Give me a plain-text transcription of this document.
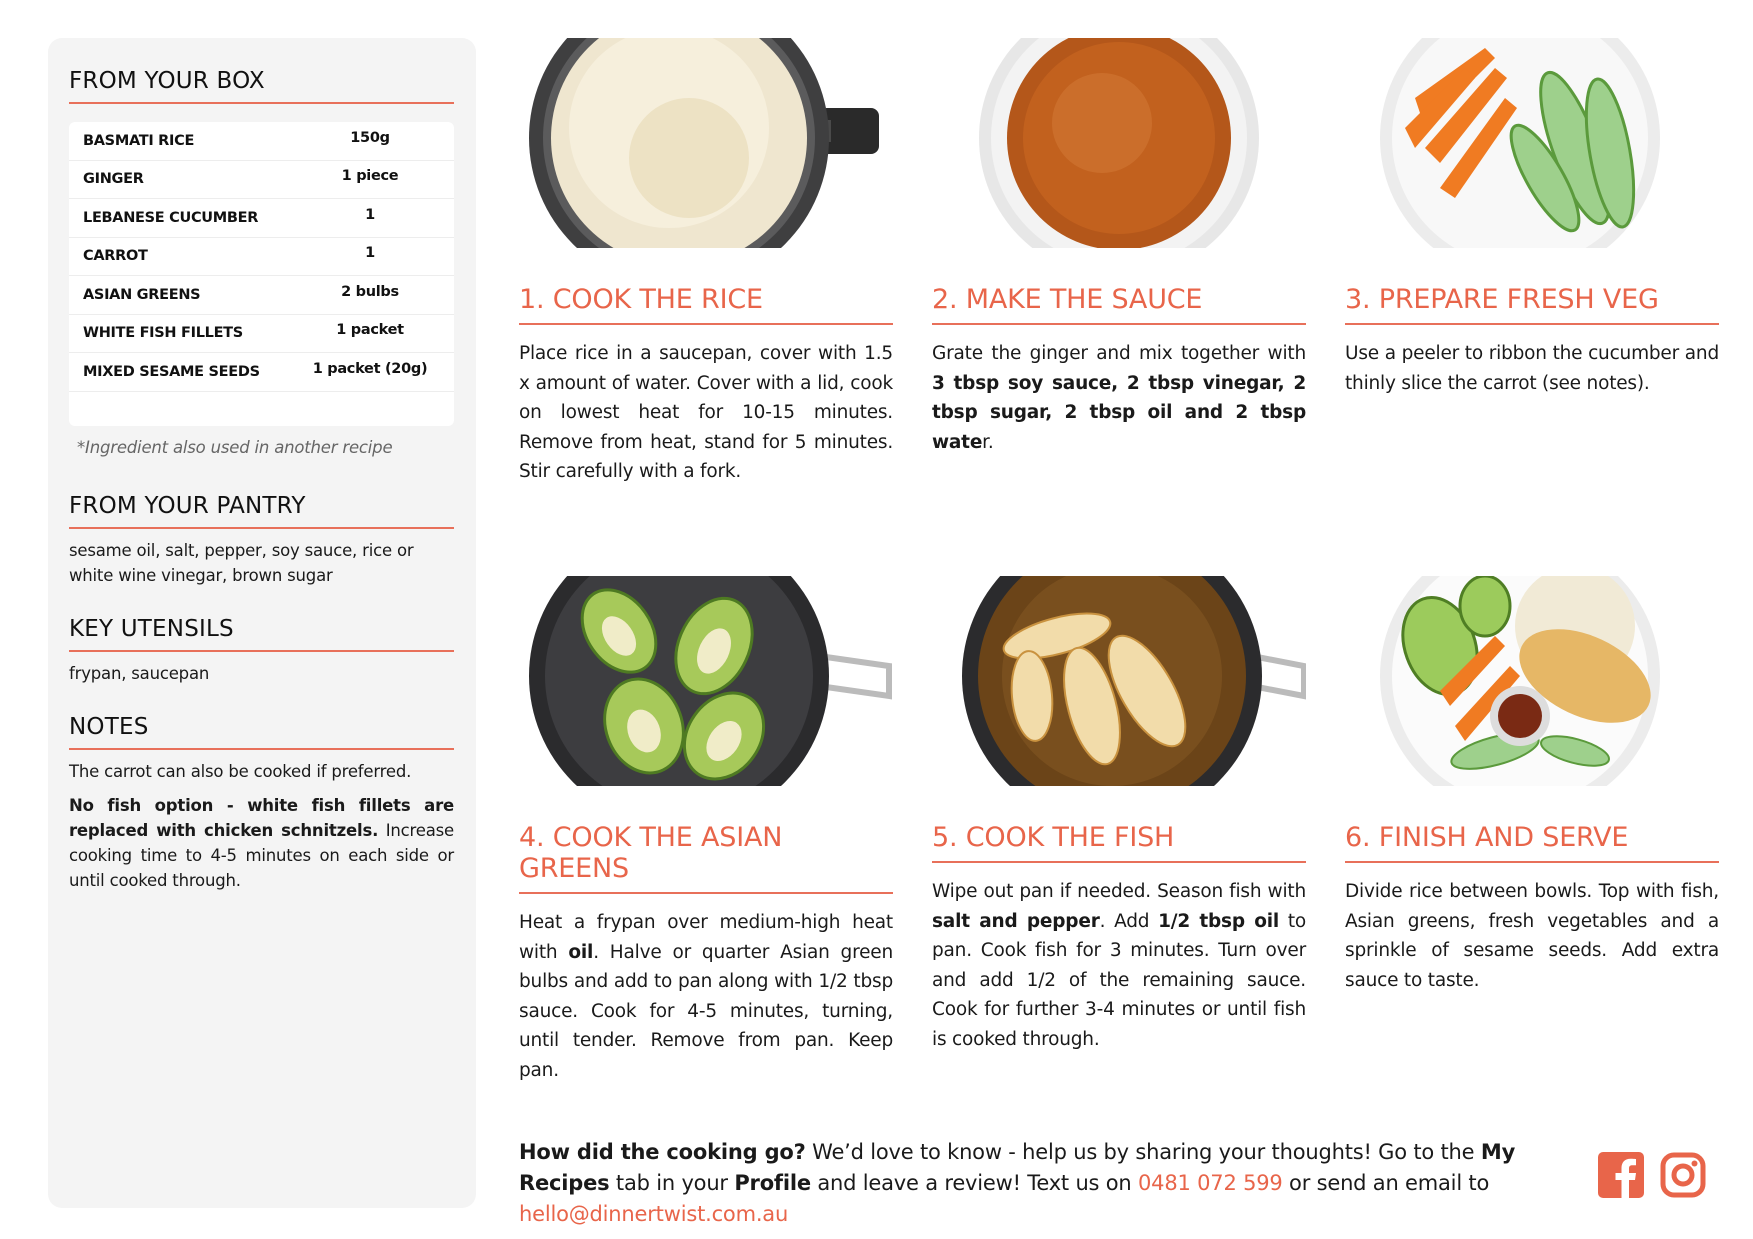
FROM YOUR BOX
BASMATI RICE	150g
GINGER	1 piece
LEBANESE CUCUMBER	1
CARROT	1
ASIAN GREENS	2 bulbs
WHITE FISH FILLETS	1 packet
MIXED SESAME SEEDS	1 packet (20g)

*Ingredient also used in another recipe

FROM YOUR PANTRY

sesame oil, salt, pepper, soy sauce, rice or white wine vinegar, brown sugar

KEY UTENSILS

frypan, saucepan

NOTES

The carrot can also be cooked if preferred.

No fish option - white fish fillets are replaced with chicken schnitzels. Increase cooking time to 4-5 minutes on each side or until cooked through.

1. COOK THE RICE

Place rice in a saucepan, cover with 1.5 x amount of water. Cover with a lid, cook on lowest heat for 10-15 minutes. Remove from heat, stand for 5 minutes. Stir carefully with a fork.

2. MAKE THE SAUCE

Grate the ginger and mix together with 3 tbsp soy sauce, 2 tbsp vinegar, 2 tbsp sugar, 2 tbsp oil and 2 tbsp water.

3. PREPARE FRESH VEG

Use a peeler to ribbon the cucumber and thinly slice the carrot (see notes).

4. COOK THE ASIAN GREENS

Heat a frypan over medium-high heat with oil. Halve or quarter Asian green bulbs and add to pan along with 1/2 tbsp sauce. Cook for 4-5 minutes, turning, until tender. Remove from pan. Keep pan.

5. COOK THE FISH

Wipe out pan if needed. Season fish with salt and pepper. Add 1/2 tbsp oil to pan. Cook fish for 3 minutes. Turn over and add 1/2 of the remaining sauce. Cook for further 3-4 minutes or until fish is cooked through.

6. FINISH AND SERVE

Divide rice between bowls. Top with fish, Asian greens, fresh vegetables and a sprinkle of sesame seeds. Add extra sauce to taste.

How did the cooking go? We’d love to know - help us by sharing your thoughts! Go to the My Recipes tab in your Profile and leave a review! Text us on 0481 072 599 or send an email to hello@dinnertwist.com.au
